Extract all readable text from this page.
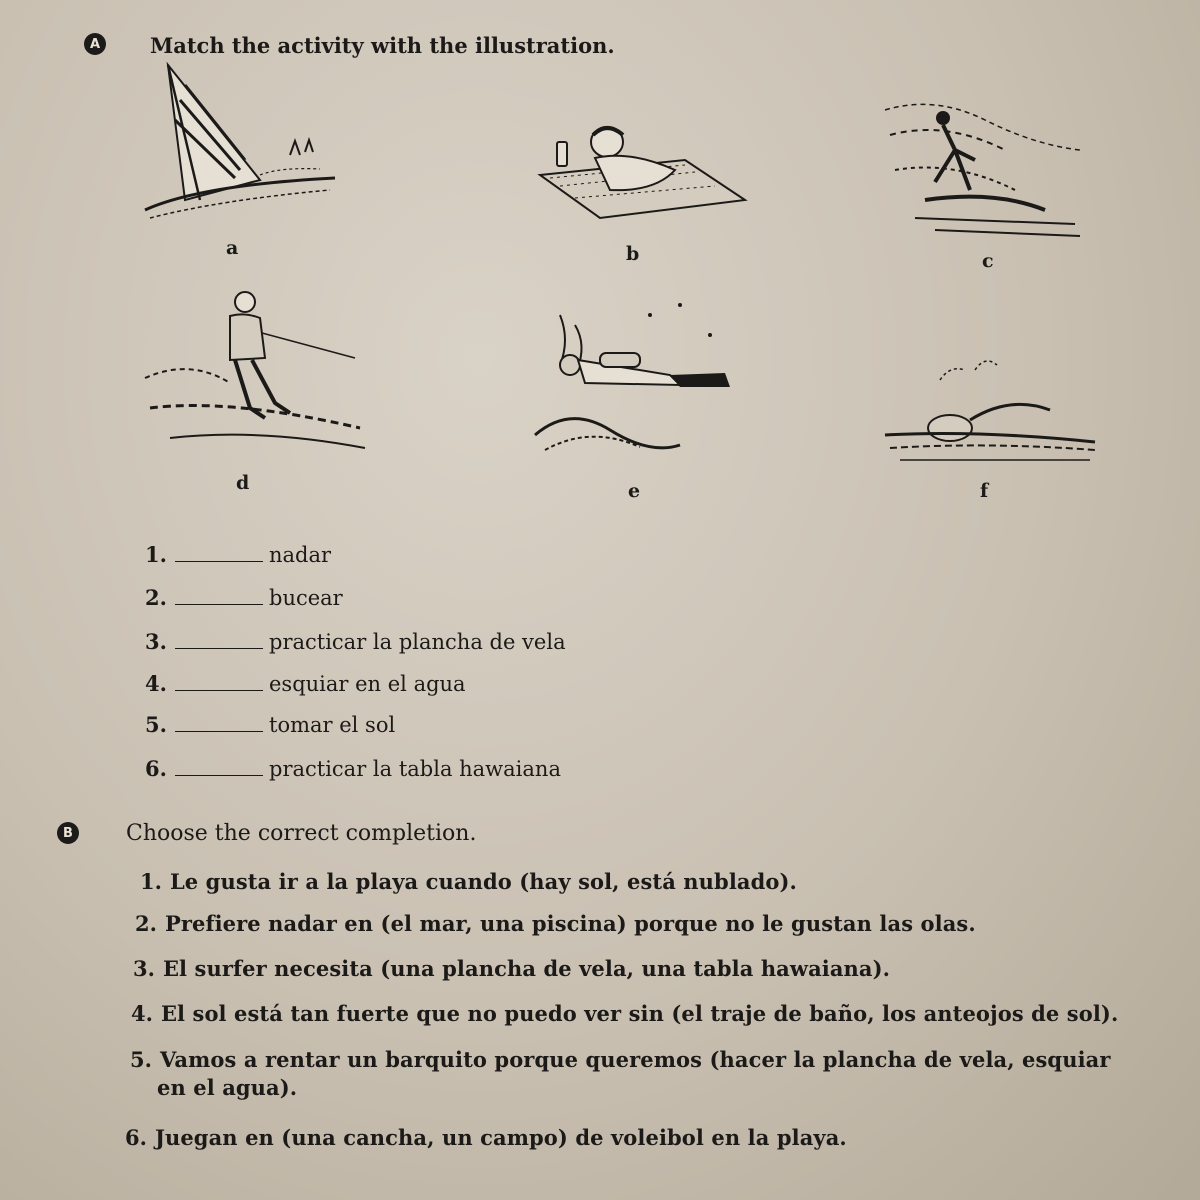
A Match the activity with the illustration.
a	b	c
d	e	f
1.	nadar
2.	bucear
3.	practicar la plancha de vela
4.	esquiar en el agua
5.	tomar el sol
6.	practicar la tabla hawaiana
B Choose the correct completion.
1. Le gusta ir a la playa cuando (hay sol, está nublado).
2. Prefiere nadar en (el mar, una piscina) porque no le gustan las olas.
3. El surfer necesita (una plancha de vela, una tabla hawaiana).
4. El sol está tan fuerte que no puedo ver sin (el traje de baño, los anteojos de sol).
5. Vamos a rentar un barquito porque queremos (hacer la plancha de vela, esquiar
en el agua).
6. Juegan en (una cancha, un campo) de voleibol en la playa.
